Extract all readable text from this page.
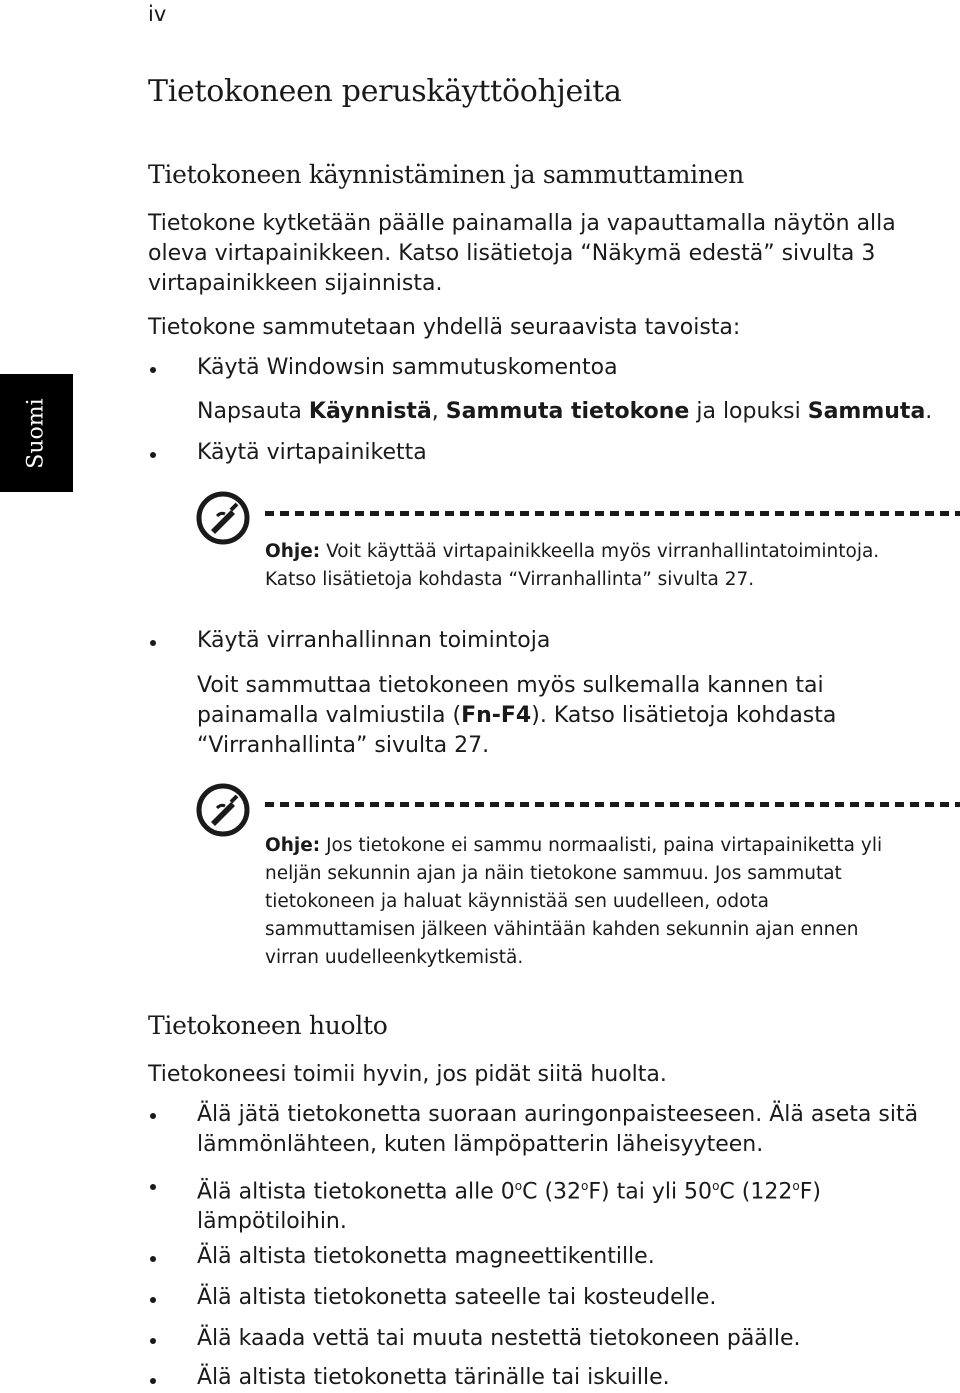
iv
Suomi
Tietokoneen peruskäyttöohjeita
Tietokoneen käynnistäminen ja sammuttaminen
Tietokone kytketään päälle painamalla ja vapauttamalla näytön alla
oleva virtapainikkeen. Katso lisätietoja “Näkymä edestä” sivulta 3
virtapainikkeen sijainnista.
Tietokone sammutetaan yhdellä seuraavista tavoista:
Käytä Windowsin sammutuskomentoa
Napsauta Käynnistä, Sammuta tietokone ja lopuksi Sammuta.
Käytä virtapainiketta
Ohje: Voit käyttää virtapainikkeella myös virranhallintatoimintoja.
Katso lisätietoja kohdasta “Virranhallinta” sivulta 27.
Käytä virranhallinnan toimintoja
Voit sammuttaa tietokoneen myös sulkemalla kannen tai
painamalla valmiustila (Fn-F4). Katso lisätietoja kohdasta
“Virranhallinta” sivulta 27.
Ohje: Jos tietokone ei sammu normaalisti, paina virtapainiketta yli
neljän sekunnin ajan ja näin tietokone sammuu. Jos sammutat
tietokoneen ja haluat käynnistää sen uudelleen, odota
sammuttamisen jälkeen vähintään kahden sekunnin ajan ennen
virran uudelleenkytkemistä.
Tietokoneen huolto
Tietokoneesi toimii hyvin, jos pidät siitä huolta.
Älä jätä tietokonetta suoraan auringonpaisteeseen. Älä aseta sitä
lämmönlähteen, kuten lämpöpatterin läheisyyteen.
Älä altista tietokonetta alle 0$^o$C (32$^o$F) tai yli 50$^o$C (122$^o$F)
lämpötiloihin.
Älä altista tietokonetta magneettikentille.
Älä altista tietokonetta sateelle tai kosteudelle.
Älä kaada vettä tai muuta nestettä tietokoneen päälle.
Älä altista tietokonetta tärinälle tai iskuille.
